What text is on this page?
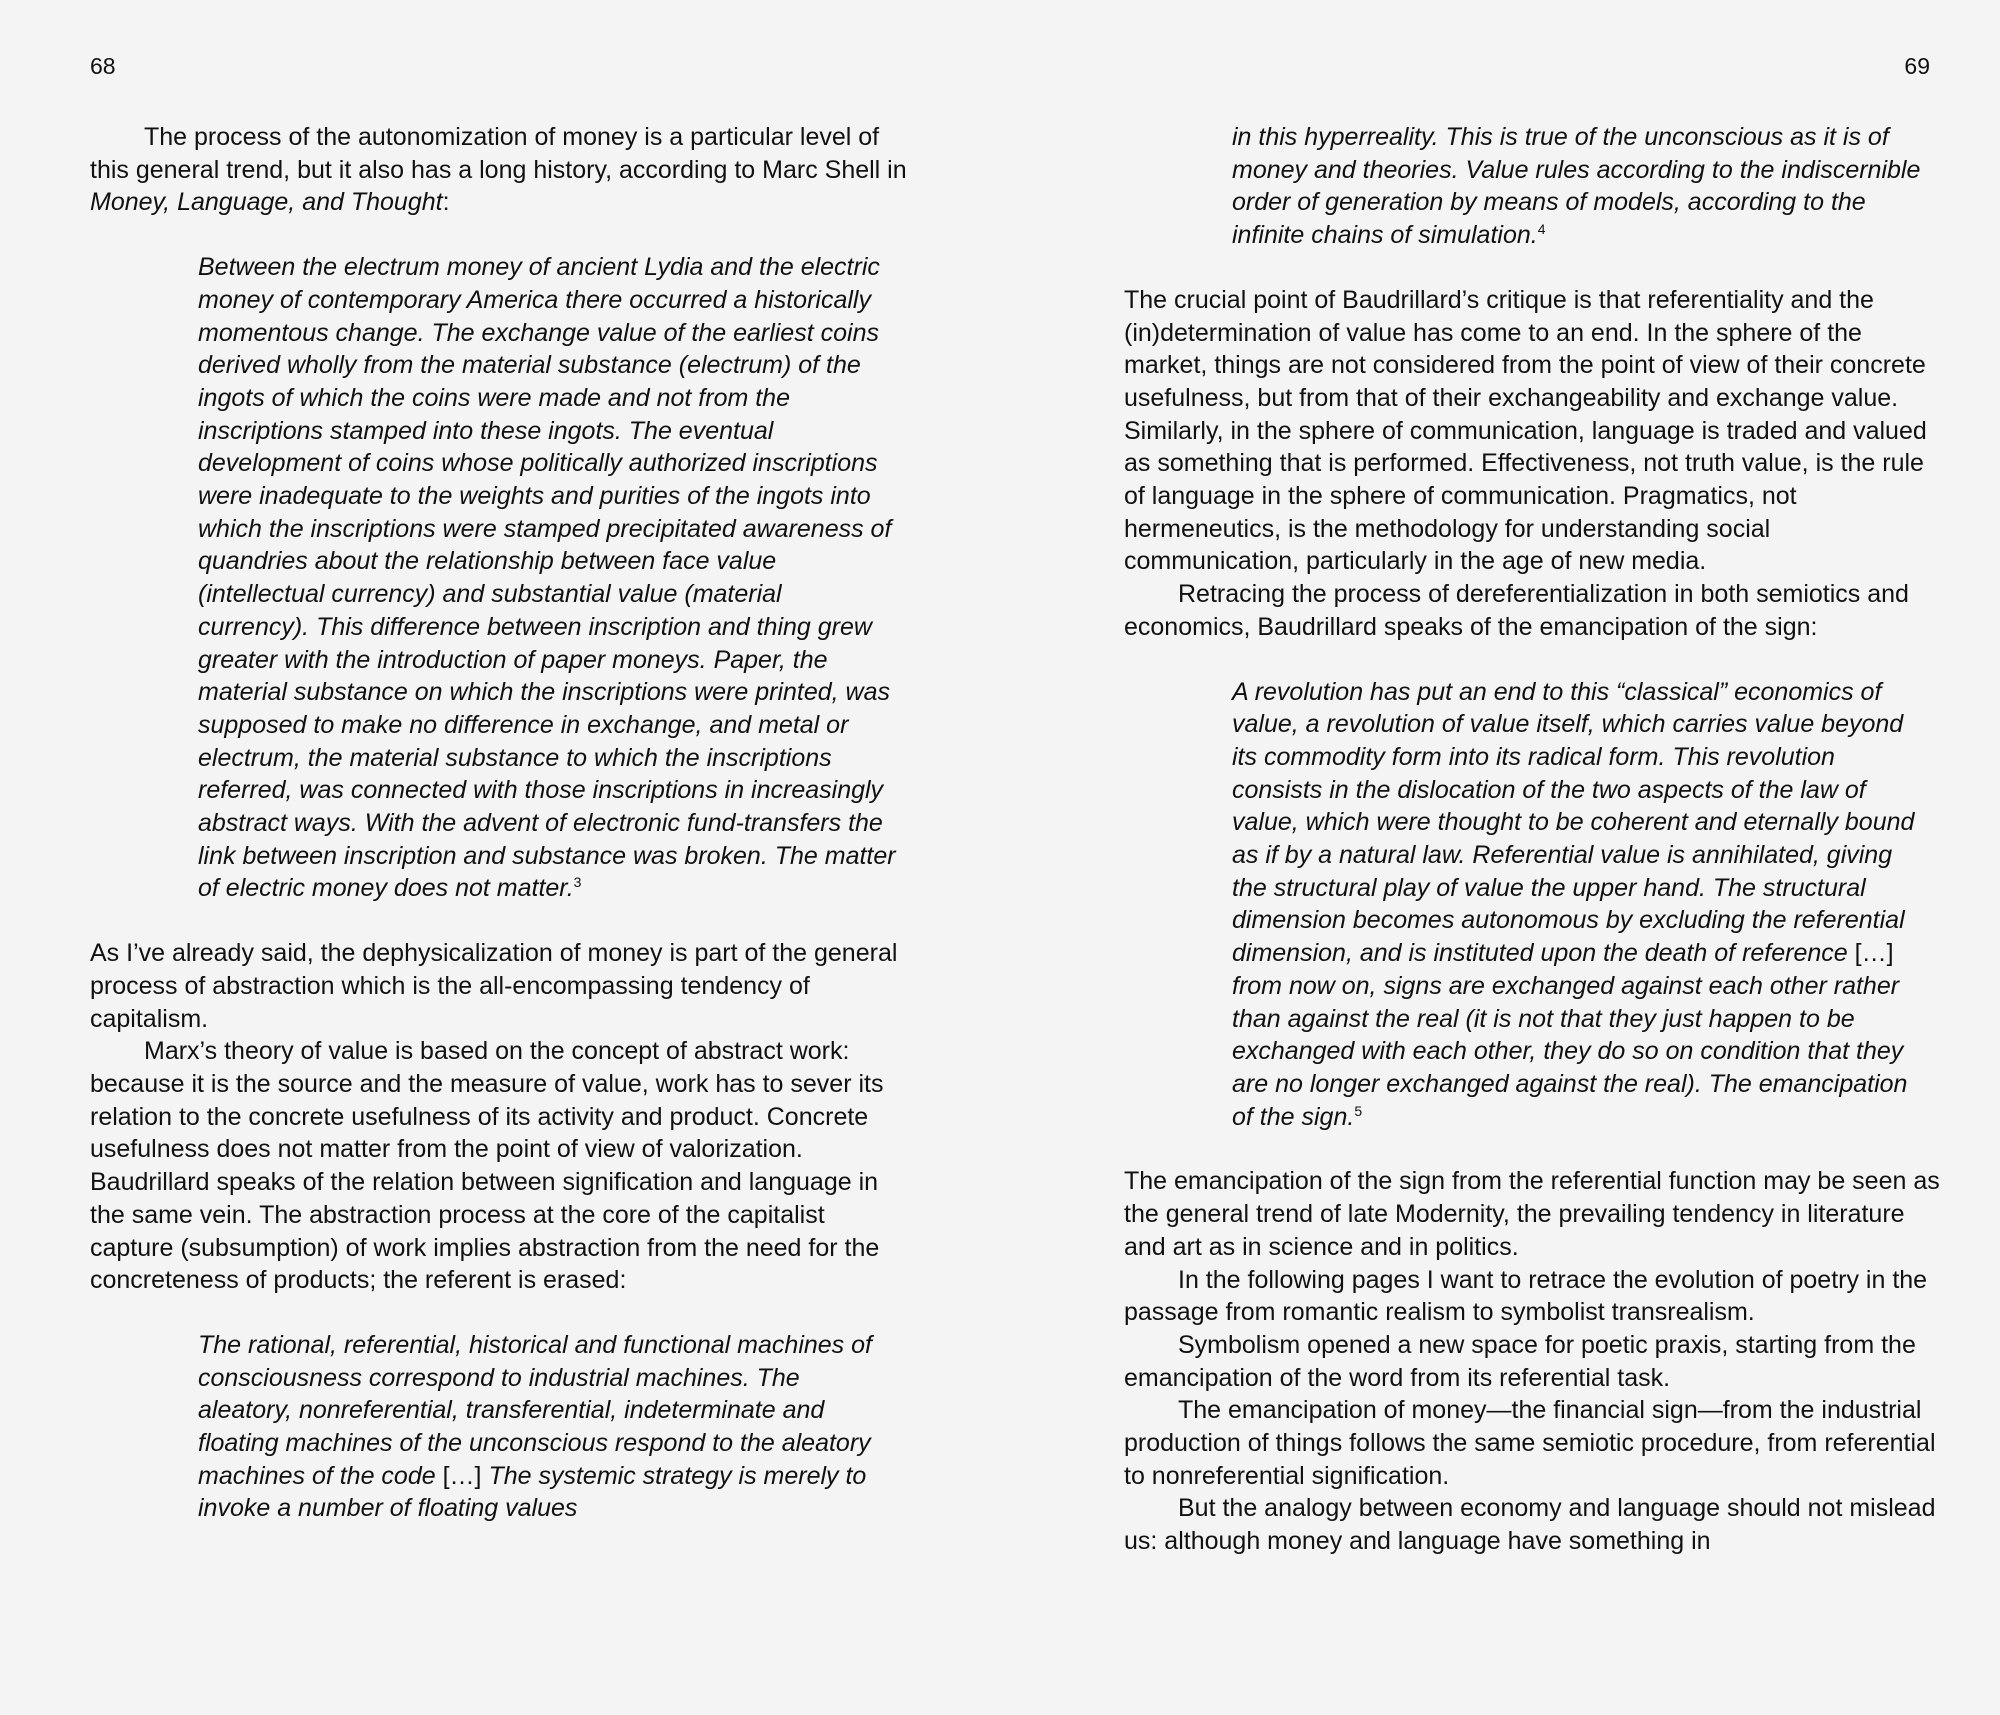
68

The process of the autonomization of money is a particular level of this general trend, but it also has a long history, according to Marc Shell in Money, Language, and Thought:

Between the electrum money of ancient Lydia and the electric money of contemporary America there occurred a historically momentous change. The exchange value of the earliest coins derived wholly from the material substance (electrum) of the ingots of which the coins were made and not from the inscriptions stamped into these ingots. The eventual development of coins whose politically authorized inscriptions were inadequate to the weights and purities of the ingots into which the inscriptions were stamped precipitated awareness of quandries about the relationship between face value (intellectual currency) and substantial value (material currency). This difference between inscription and thing grew greater with the introduction of paper moneys. Paper, the material substance on which the inscriptions were printed, was supposed to make no difference in exchange, and metal or electrum, the material substance to which the inscriptions referred, was connected with those inscriptions in increasingly abstract ways. With the advent of electronic fund-transfers the link between inscription and substance was broken. The matter of electric money does not matter.$^3$

As I’ve already said, the dephysicalization of money is part of the general process of abstraction which is the all-encompassing tendency of capitalism.

Marx’s theory of value is based on the concept of abstract work: because it is the source and the measure of value, work has to sever its relation to the concrete usefulness of its activity and product. Concrete usefulness does not matter from the point of view of valorization. Baudrillard speaks of the relation between signification and language in the same vein. The abstraction process at the core of the capitalist capture (subsumption) of work implies abstraction from the need for the concreteness of products; the referent is erased:

The rational, referential, historical and functional machines of consciousness correspond to industrial machines. The aleatory, nonreferential, transferential, indeterminate and floating machines of the unconscious respond to the aleatory machines of the code […] The systemic strategy is merely to invoke a number of floating values
69
in this hyperreality. This is true of the unconscious as it is of money and theories. Value rules according to the indiscernible order of generation by means of models, according to the infinite chains of simulation.$^4$

The crucial point of Baudrillard’s critique is that referentiality and the (in)determination of value has come to an end. In the sphere of the market, things are not considered from the point of view of their concrete usefulness, but from that of their exchangeability and exchange value. Similarly, in the sphere of communication, language is traded and valued as something that is performed. Effectiveness, not truth value, is the rule of language in the sphere of communication. Pragmatics, not hermeneutics, is the methodology for understanding social communication, particularly in the age of new media.

Retracing the process of dereferentialization in both semiotics and economics, Baudrillard speaks of the emancipation of the sign:

A revolution has put an end to this “classical” economics of value, a revolution of value itself, which carries value beyond its commodity form into its radical form. This revolution consists in the dislocation of the two aspects of the law of value, which were thought to be coherent and eternally bound as if by a natural law. Referential value is annihilated, giving the structural play of value the upper hand. The structural dimension becomes autonomous by excluding the referential dimension, and is instituted upon the death of reference […] from now on, signs are exchanged against each other rather than against the real (it is not that they just happen to be exchanged with each other, they do so on condition that they are no longer exchanged against the real). The emancipation of the sign.$^5$

The emancipation of the sign from the referential function may be seen as the general trend of late Modernity, the prevailing tendency in literature and art as in science and in politics.

In the following pages I want to retrace the evolution of poetry in the passage from romantic realism to symbolist transrealism.

Symbolism opened a new space for poetic praxis, starting from the emancipation of the word from its referential task.

The emancipation of money—the financial sign—from the industrial production of things follows the same semiotic procedure, from referential to nonreferential signification.

But the analogy between economy and language should not mislead us: although money and language have something in
